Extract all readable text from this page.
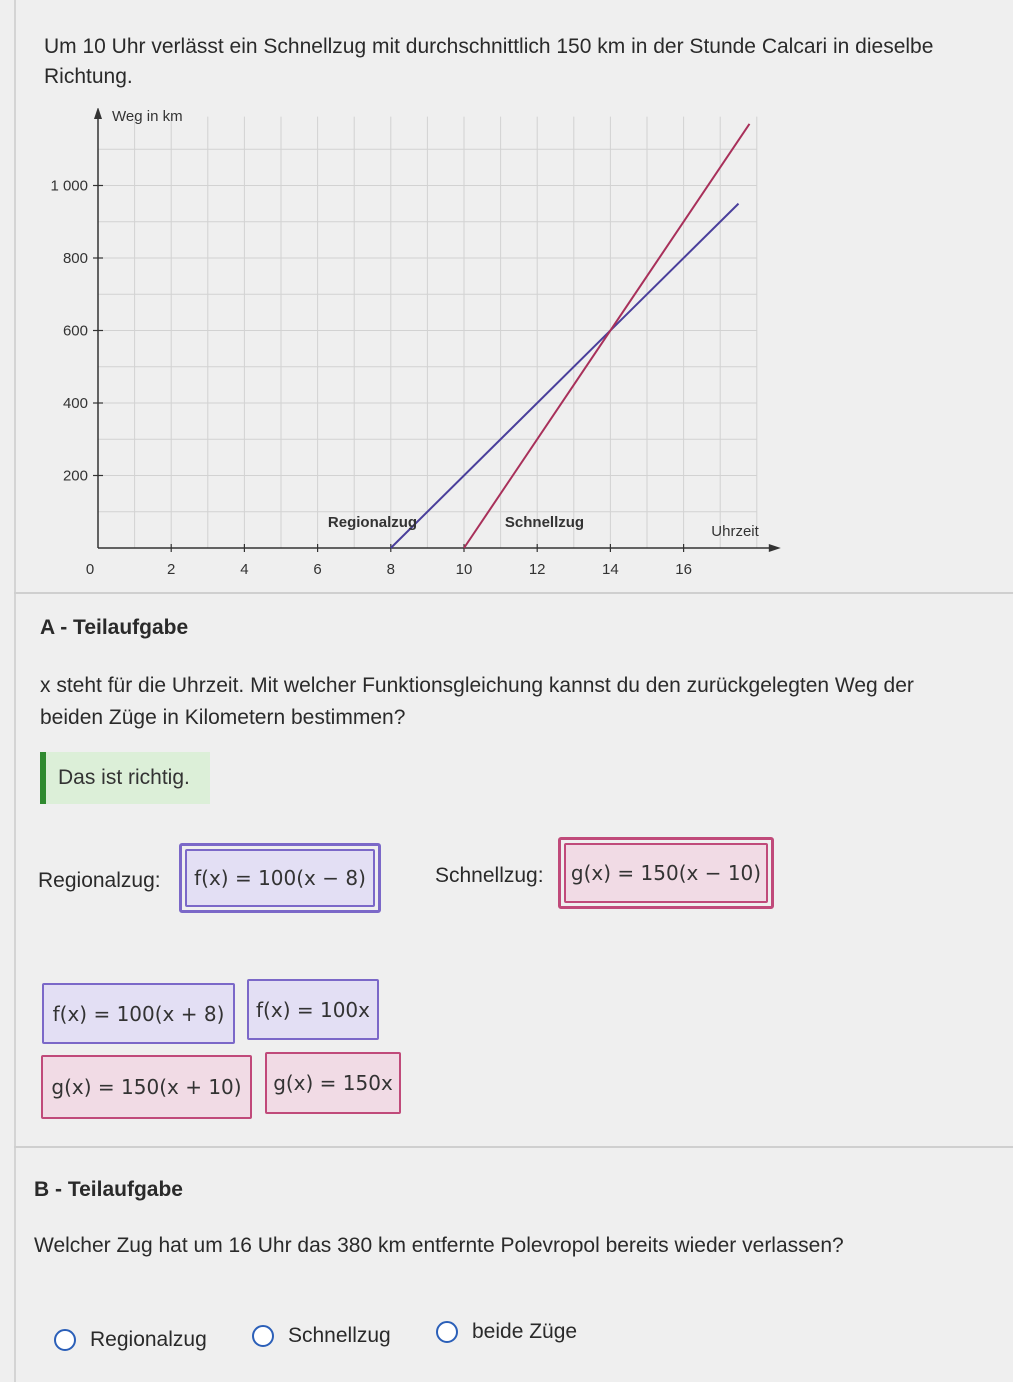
Um 10 Uhr verlässt ein Schnellzug mit durchschnittlich 150 km in der Stunde Calcari in dieselbe Richtung.

0	2	4	6	8	10	12	14	16
200
400
600
800
1 000
Weg in km
Uhrzeit
Regionalzug	Schnellzug
A - Teilaufgabe

x steht für die Uhrzeit. Mit welcher Funktionsgleichung kannst du den zurückgelegten Weg der beiden Züge in Kilometern bestimmen?

Das ist richtig.
Regionalzug:	f(x) = 100(x − 8)	Schnellzug:	g(x) = 150(x − 10)
f(x) = 100(x + 8)	f(x) = 100x
g(x) = 150(x + 10)	g(x) = 150x
B - Teilaufgabe

Welcher Zug hat um 16 Uhr das 380 km entfernte Polevropol bereits wieder verlassen?

Regionalzug	Schnellzug	beide Züge
